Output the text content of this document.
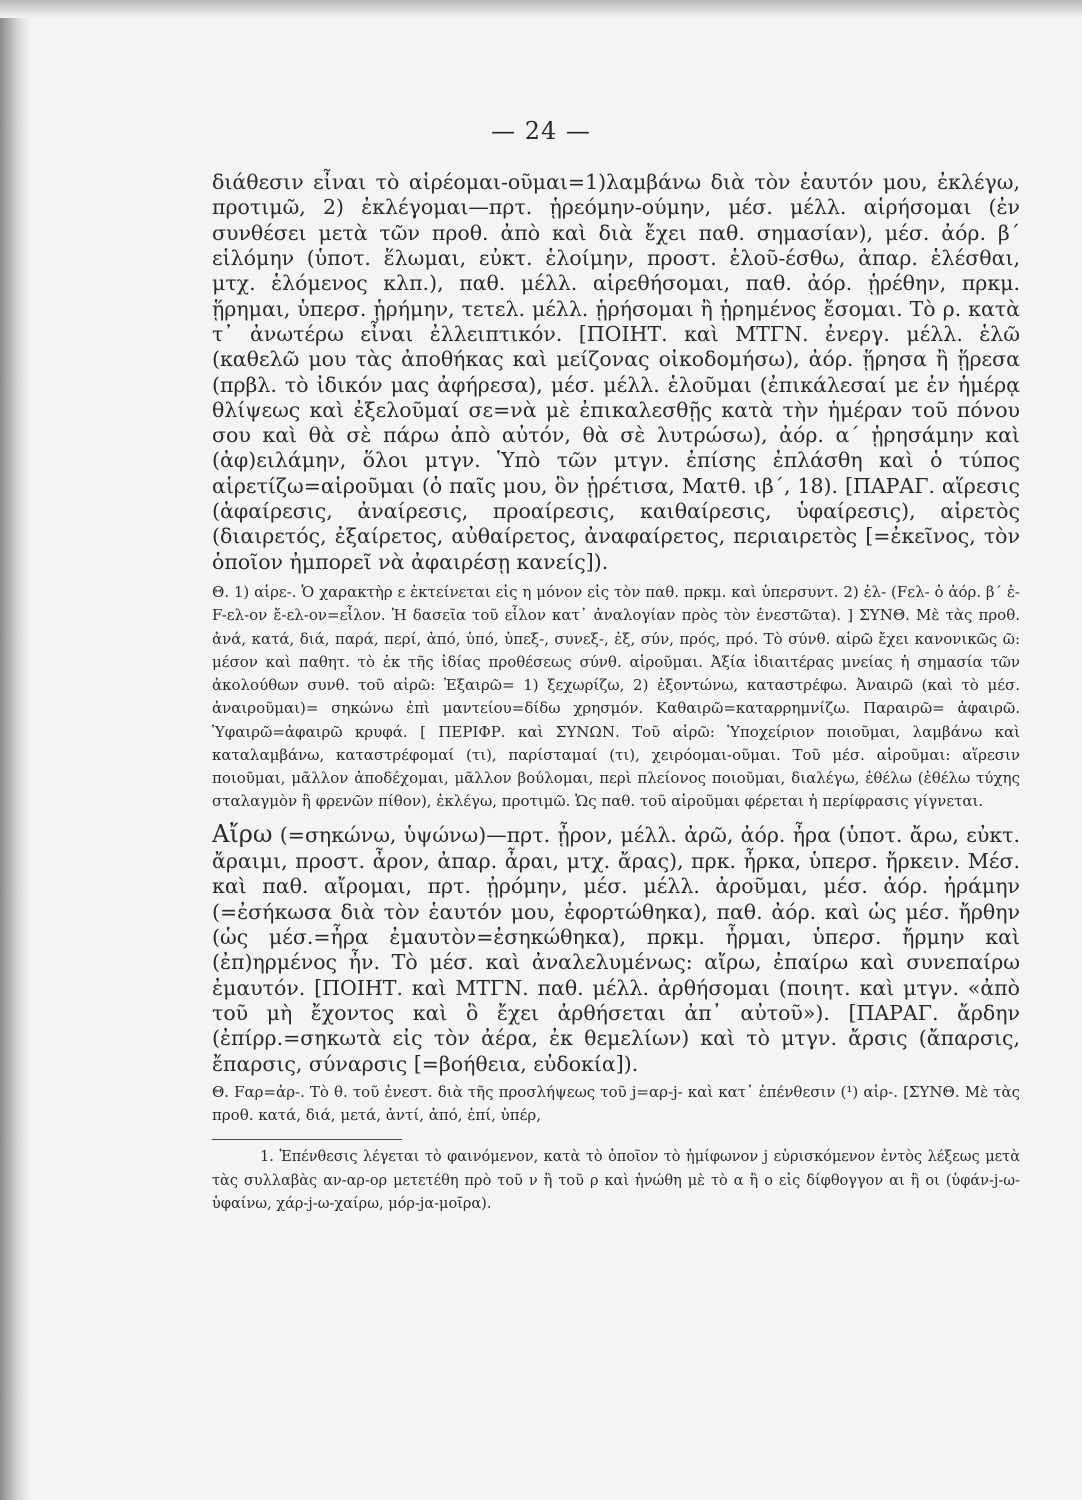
— 24 —

διάθεσιν εἶναι τὸ αἱρέομαι-οῦμαι=1)λαμβάνω διὰ τὸν ἑαυτόν μου, ἐκλέγω, προτιμῶ, 2) ἐκλέγομαι—πρτ. ᾑρεόμην-ούμην, μέσ. μέλλ. αἱρήσομαι (ἐν συνθέσει μετὰ τῶν προθ. ἀπὸ καὶ διὰ ἔχει παθ. σημασίαν), μέσ. ἀόρ. β΄ εἱλόμην (ὑποτ. ἕλωμαι, εὐκτ. ἑλοίμην, προστ. ἑλοῦ-έσθω, ἀπαρ. ἑλέσθαι, μτχ. ἑλόμενος κλπ.), παθ. μέλλ. αἱρεθήσομαι, παθ. ἀόρ. ᾑρέθην, πρκμ. ᾕρημαι, ὑπερσ. ᾑρήμην, τετελ. μέλλ. ᾑρήσομαι ἢ ᾑρημένος ἔσομαι. Τὸ ρ. κατὰ τ᾿ ἀνωτέρω εἶναι ἐλλειπτικόν. [ΠΟΙΗΤ. καὶ ΜΤΓΝ. ἐνεργ. μέλλ. ἑλῶ (καθελῶ μου τὰς ἀποθήκας καὶ μείζονας οἰκοδομήσω), ἀόρ. ᾕρησα ἢ ᾕρεσα (πρβλ. τὸ ἰδικόν μας ἀφήρεσα), μέσ. μέλλ. ἑλοῦμαι (ἐπικάλεσαί με ἐν ἡμέρᾳ θλίψεως καὶ ἐξελοῦμαί σε=νὰ μὲ ἐπικαλεσθῇς κατὰ τὴν ἡμέραν τοῦ πόνου σου καὶ θὰ σὲ πάρω ἀπὸ αὐτόν, θὰ σὲ λυτρώσω), ἀόρ. α΄ ᾑρησάμην καὶ (ἀφ)ειλάμην, ὅλοι μτγν. Ὑπὸ τῶν μτγν. ἐπίσης ἐπλάσθη καὶ ὁ τύπος αἱρετίζω=αἱροῦμαι (ὁ παῖς μου, ὃν ᾑρέτισα, Ματθ. ιβ΄, 18). [ΠΑΡΑΓ. αἵρεσις (ἀφαίρεσις, ἀναίρεσις, προαίρεσις, καιθαίρεσις, ὑφαίρεσις), αἱρετὸς (διαιρετός, ἐξαίρετος, αὐθαίρετος, ἀναφαίρετος, περιαιρετὸς [=ἐκεῖνος, τὸν ὁποῖον ἠμπορεῖ νὰ ἀφαιρέσῃ κανείς]).

Θ. 1) αἱρε-. Ὁ χαρακτὴρ ε ἐκτείνεται εἰς η μόνον εἰς τὸν παθ. πρκμ. καὶ ὑπερσυντ. 2) ἑλ- (Fελ- ὁ ἀόρ. β΄ ἐ-F-ελ-ον ἔ-ελ-ον=εἷλον. Ἡ δασεῖα τοῦ εἷλον κατ᾿ ἀναλογίαν πρὸς τὸν ἐνεστῶτα). ] ΣΥΝΘ. Μὲ τὰς προθ. ἀνά, κατά, διά, παρά, περί, ἀπό, ὑπό, ὑπεξ-, συνεξ-, ἐξ, σύν, πρός, πρό. Τὸ σύνθ. αἱρῶ ἔχει κανονικῶς ῶ: μέσον καὶ παθητ. τὸ ἐκ τῆς ἰδίας προθέσεως σύνθ. αἱροῦμαι. Ἀξία ἰδιαιτέρας μνείας ἡ σημασία τῶν ἀκολούθων συνθ. τοῦ αἱρῶ: Ἐξαιρῶ= 1) ξεχωρίζω, 2) ἐξοντώνω, καταστρέφω. Ἀναιρῶ (καὶ τὸ μέσ. ἀναιροῦμαι)= σηκώνω ἐπὶ μαντείου=δίδω χρησμόν. Καθαιρῶ=καταρρημνίζω. Παραιρῶ= ἀφαιρῶ. Ὑφαιρῶ=ἀφαιρῶ κρυφά. [ ΠΕΡΙΦΡ. καὶ ΣΥΝΩΝ. Τοῦ αἱρῶ: Ὑποχείριον ποιοῦμαι, λαμβάνω καὶ καταλαμβάνω, καταστρέφομαί (τι), παρίσταμαί (τι), χειρόομαι-οῦμαι. Τοῦ μέσ. αἱροῦμαι: αἵρεσιν ποιοῦμαι, μᾶλλον ἀποδέχομαι, μᾶλλον βούλομαι, περὶ πλείονος ποιοῦμαι, διαλέγω, ἐθέλω (ἐθέλω τύχης σταλαγμὸν ἢ φρενῶν πίθον), ἐκλέγω, προτιμῶ. Ὡς παθ. τοῦ αἱροῦμαι φέρεται ἡ περίφρασις γίγνεται.

Αἴρω (=σηκώνω, ὑψώνω)—πρτ. ᾖρον, μέλλ. ἀρῶ, ἀόρ. ἦρα (ὑποτ. ἄρω, εὐκτ. ἄραιμι, προστ. ἆρον, ἀπαρ. ἆραι, μτχ. ἄρας), πρκ. ἦρκα, ὑπερσ. ἤρκειν. Μέσ. καὶ παθ. αἴρομαι, πρτ. ᾐρόμην, μέσ. μέλλ. ἀροῦμαι, μέσ. ἀόρ. ἠράμην (=ἐσήκωσα διὰ τὸν ἑαυτόν μου, ἐφορτώθηκα), παθ. ἀόρ. καὶ ὡς μέσ. ἤρθην (ὡς μέσ.=ἦρα ἐμαυτὸν=ἐσηκώθηκα), πρκμ. ἦρμαι, ὑπερσ. ἤρμην καὶ (ἐπ)ηρμένος ἦν. Τὸ μέσ. καὶ ἀναλελυμένως: αἴρω, ἐπαίρω καὶ συνεπαίρω ἐμαυτόν. [ΠΟΙΗΤ. καὶ ΜΤΓΝ. παθ. μέλλ. ἀρθήσομαι (ποιητ. καὶ μτγν. «ἀπὸ τοῦ μὴ ἔχοντος καὶ ὃ ἔχει ἀρθήσεται ἀπ᾿ αὐτοῦ»). [ΠΑΡΑΓ. ἄρδην (ἐπίρρ.=σηκωτὰ εἰς τὸν ἀέρα, ἐκ θεμελίων) καὶ τὸ μτγν. ἄρσις (ἄπαρσις, ἔπαρσις, σύναρσις [=βοήθεια, εὐδοκία]).

Θ. Fαρ=ἀρ-. Τὸ θ. τοῦ ἐνεστ. διὰ τῆς προσλήψεως τοῦ j=αρ-j- καὶ κατ᾿ ἐπένθεσιν (¹) αἰρ-. [ΣΥΝΘ. Μὲ τὰς προθ. κατά, διά, μετά, ἀντί, ἀπό, ἐπί, ὑπέρ,

1. Ἐπένθεσις λέγεται τὸ φαινόμενον, κατὰ τὸ ὁποῖον τὸ ἡμίφωνον j εὑρισκόμενον ἐντὸς λέξεως μετὰ τὰς συλλαβὰς αν-αρ-ορ μετετέθη πρὸ τοῦ ν ἢ τοῦ ρ καὶ ἡνώθη μὲ τὸ α ἢ ο εἰς δίφθογγον αι ἢ οι (ὑφάν-j-ω-ὑφαίνω, χάρ-j-ω-χαίρω, μόρ-jα-μοῖρα).
